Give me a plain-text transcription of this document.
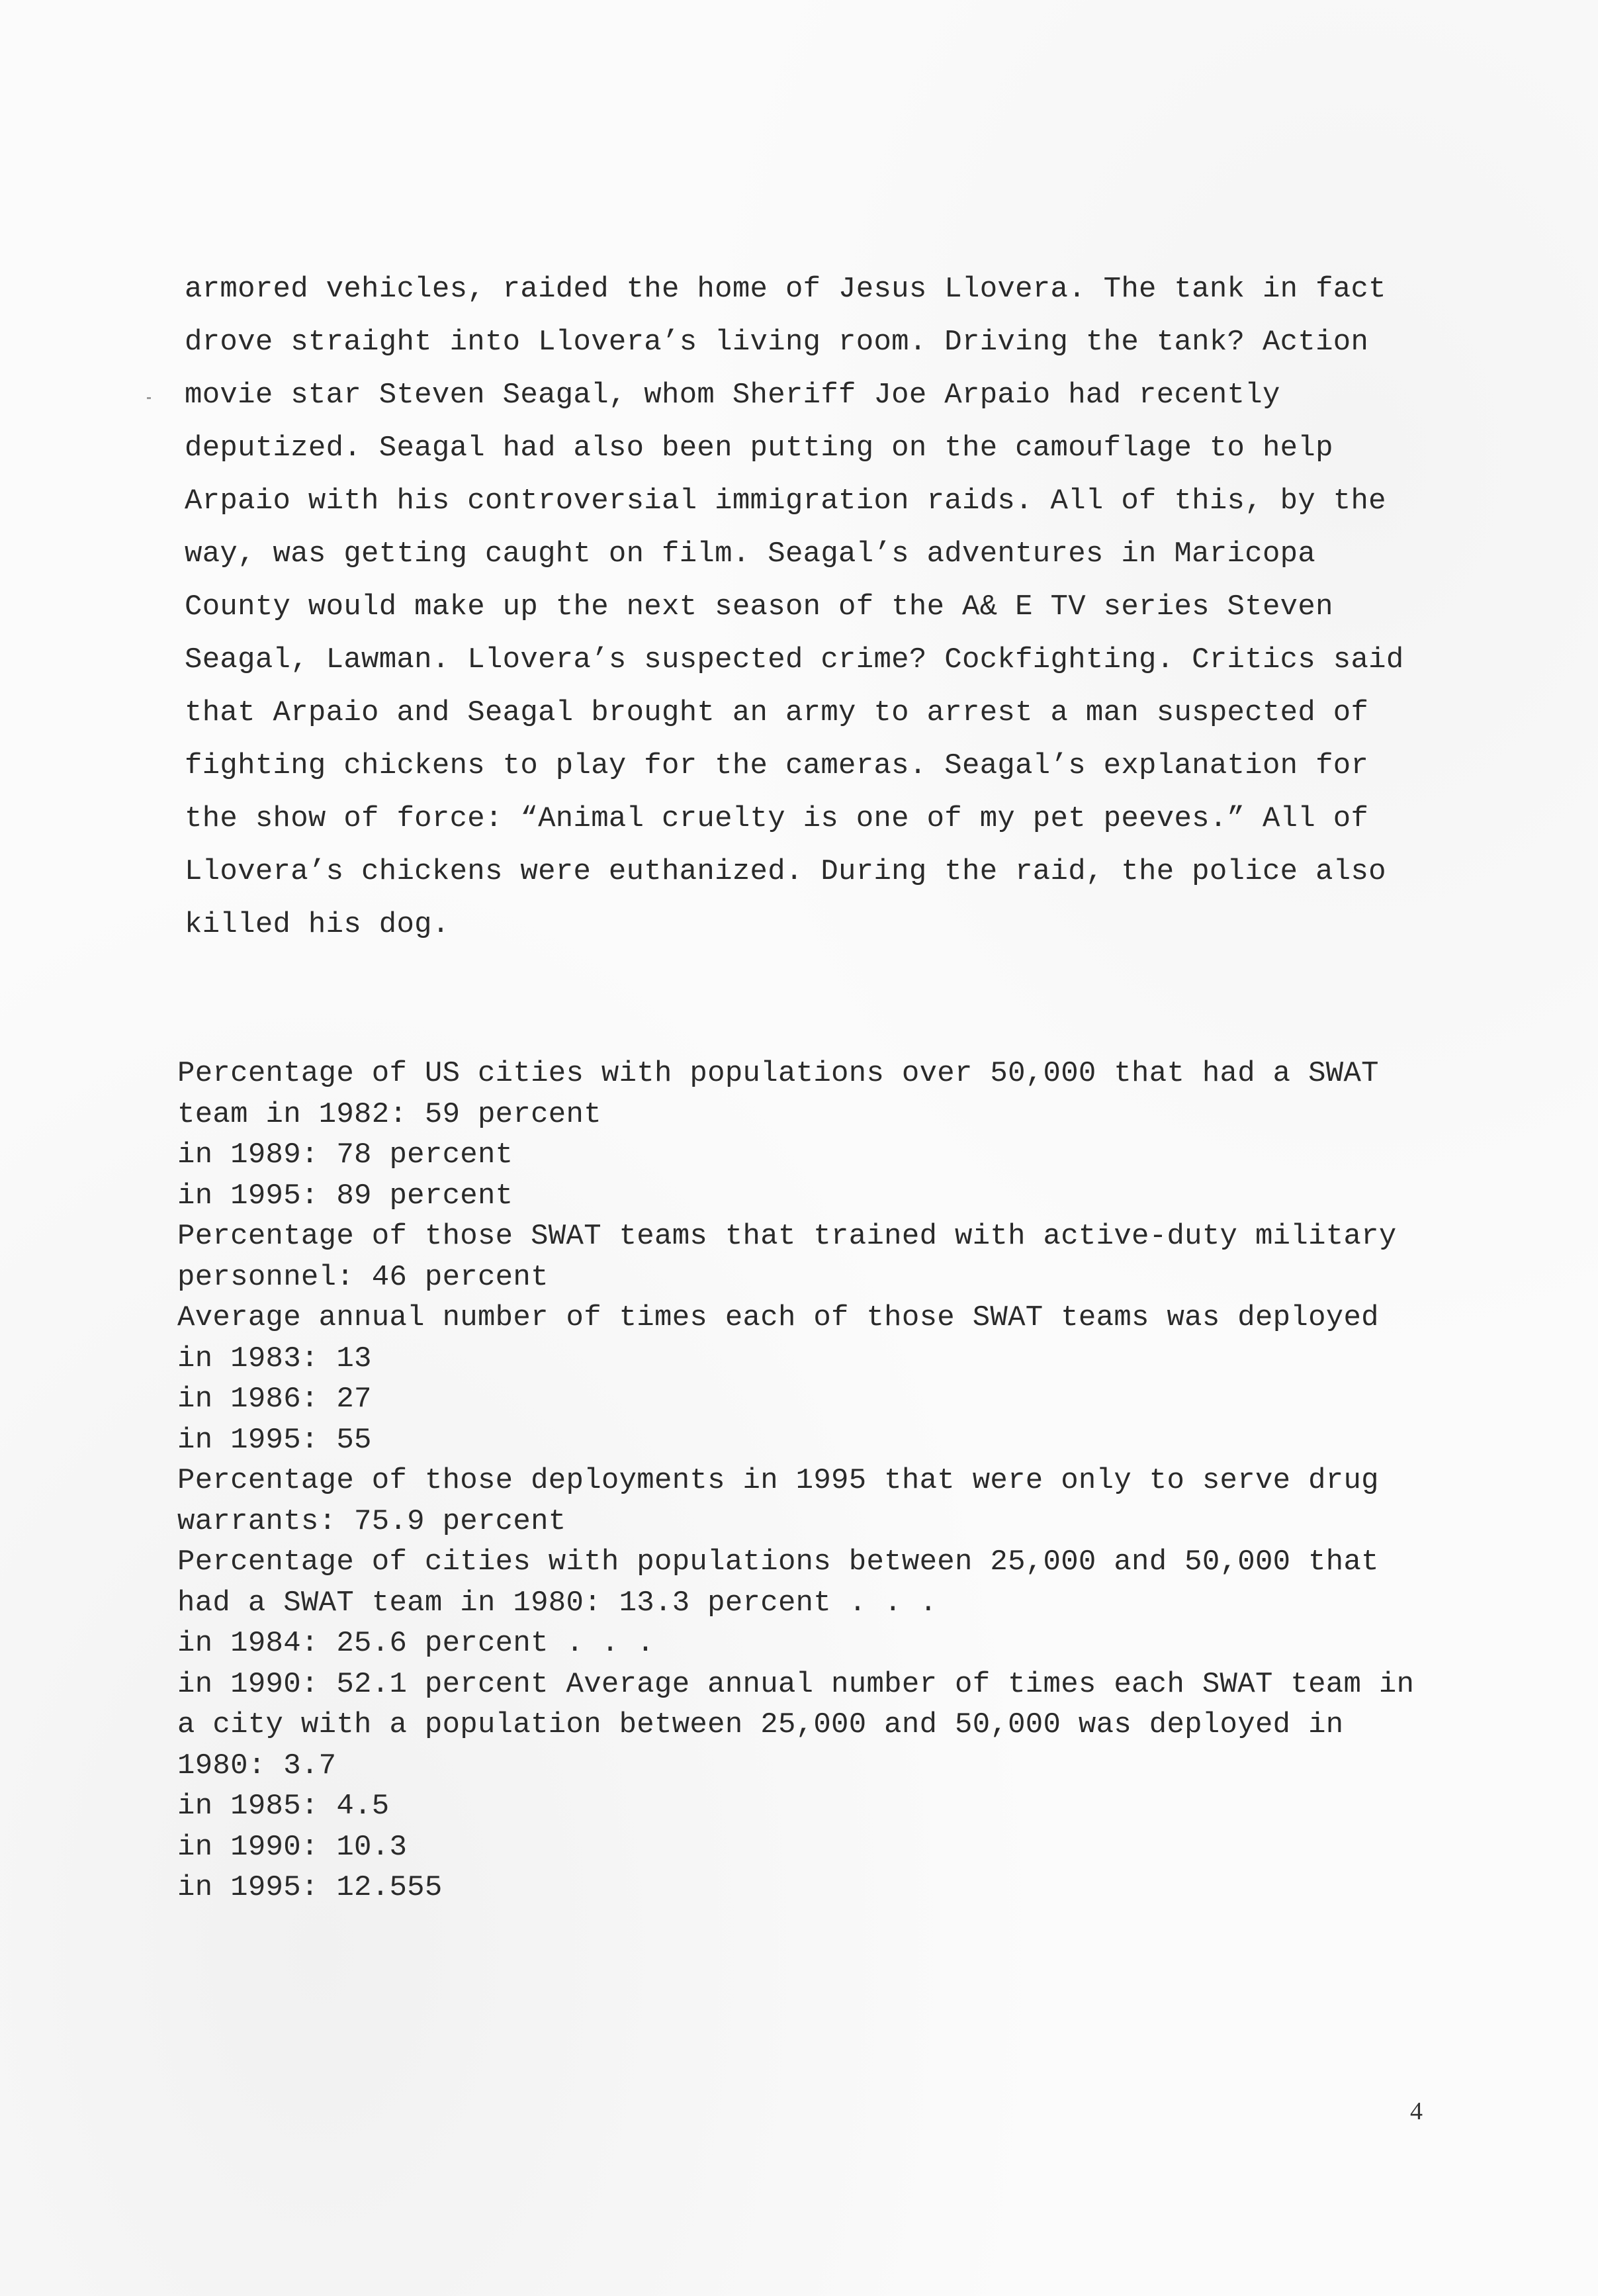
armored vehicles, raided the home of Jesus Llovera. The tank in fact
drove straight into Llovera’s living room. Driving the tank? Action
movie star Steven Seagal, whom Sheriff Joe Arpaio had recently
deputized. Seagal had also been putting on the camouflage to help
Arpaio with his controversial immigration raids. All of this, by the
way, was getting caught on film. Seagal’s adventures in Maricopa
County would make up the next season of the A& E TV series Steven
Seagal, Lawman. Llovera’s suspected crime? Cockfighting. Critics said
that Arpaio and Seagal brought an army to arrest a man suspected of
fighting chickens to play for the cameras. Seagal’s explanation for
the show of force: “Animal cruelty is one of my pet peeves.” All of
Llovera’s chickens were euthanized. During the raid, the police also
killed his dog.
Percentage of US cities with populations over 50,000 that had a SWAT
team in 1982: 59 percent
in 1989: 78 percent
in 1995: 89 percent
Percentage of those SWAT teams that trained with active-duty military
personnel: 46 percent
Average annual number of times each of those SWAT teams was deployed
in 1983: 13
in 1986: 27
in 1995: 55
Percentage of those deployments in 1995 that were only to serve drug
warrants: 75.9 percent
Percentage of cities with populations between 25,000 and 50,000 that
had a SWAT team in 1980: 13.3 percent . . .
in 1984: 25.6 percent . . .
in 1990: 52.1 percent Average annual number of times each SWAT team in
a city with a population between 25,000 and 50,000 was deployed in
1980: 3.7
in 1985: 4.5
in 1990: 10.3
in 1995: 12.555
4
